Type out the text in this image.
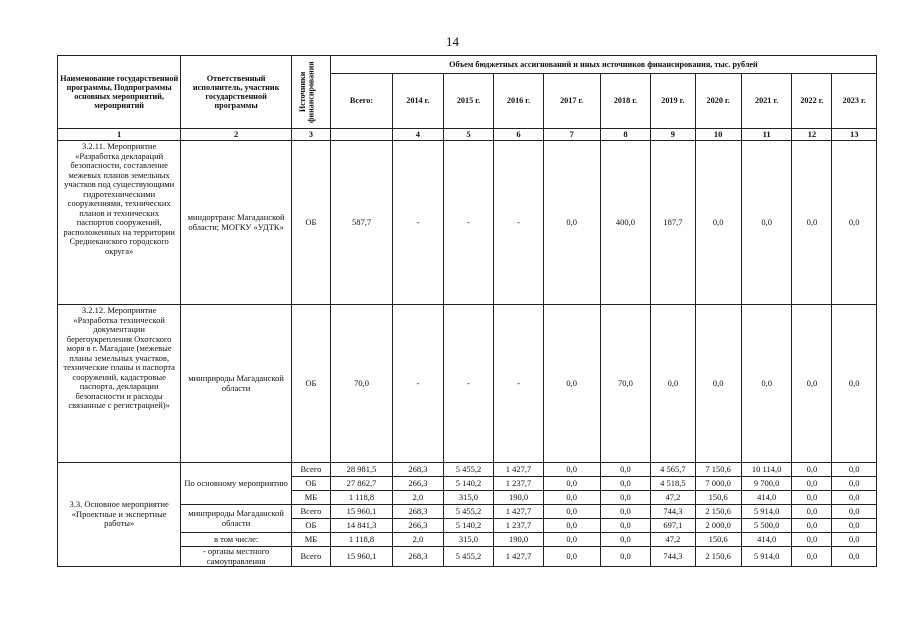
14
Наименование государственной программы, Подпрограммы основных мероприятий, мероприятий	Ответственный исполнитель, участник государственной программы	Источники финансирования	Объем бюджетных ассигнований и иных источников финансирования, тыс. рублей										
			Всего:	2014 г.	2015 г.	2016 г.	2017 г.	2018 г.	2019 г.	2020 г.	2021 г.	2022 г.	2023 г.
1	2	3		4	5	6	7	8	9	10	11	12	13
3.2.11. Мероприятие «Разработка деклараций безопасности, составление межевых планов земельных участков под существующими гидротехническими сооружениями, технических планов и технических паспортов сооружений, расположенных на территории Среднеканского городского округа»	миндортранс Магаданской области; МОГКУ «УДТК»	ОБ	587,7	-	-	-	0,0	400,0	187,7	0,0	0,0	0,0	0,0
3.2.12. Мероприятие «Разработка технической документации берегоукрепления Охотского моря в г. Магадане (межевые планы земельных участков, технические планы и паспорта сооружений, кадастровые паспорта, декларации безопасности и расходы связанные с регистрацией)»	минприроды Магаданской области	ОБ	70,0	-	-	-	0,0	70,0	0,0	0,0	0,0	0,0	0,0
3.3. Основное мероприятие «Проектные и экспертные работы»	По основному мероприятию	Всего	28 981,5	268,3	5 455,2	1 427,7	0,0	0,0	4 565,7	7 150,6	10 114,0	0,0	0,0
		ОБ	27 862,7	266,3	5 140,2	1 237,7	0,0	0,0	4 518,5	7 000,0	9 700,0	0,0	0,0
		МБ	1 118,8	2,0	315,0	190,0	0,0	0,0	47,2	150,6	414,0	0,0	0,0
	минприроды Магаданской области	Всего	15 960,1	268,3	5 455,2	1 427,7	0,0	0,0	744,3	2 150,6	5 914,0	0,0	0,0
		ОБ	14 841,3	266,3	5 140,2	1 237,7	0,0	0,0	697,1	2 000,0	5 500,0	0,0	0,0
	в том числе:	МБ	1 118,8	2,0	315,0	190,0	0,0	0,0	47,2	150,6	414,0	0,0	0,0
	- органы местного самоуправления	Всего	15 960,1	268,3	5 455,2	1 427,7	0,0	0,0	744,3	2 150,6	5 914,0	0,0	0,0
